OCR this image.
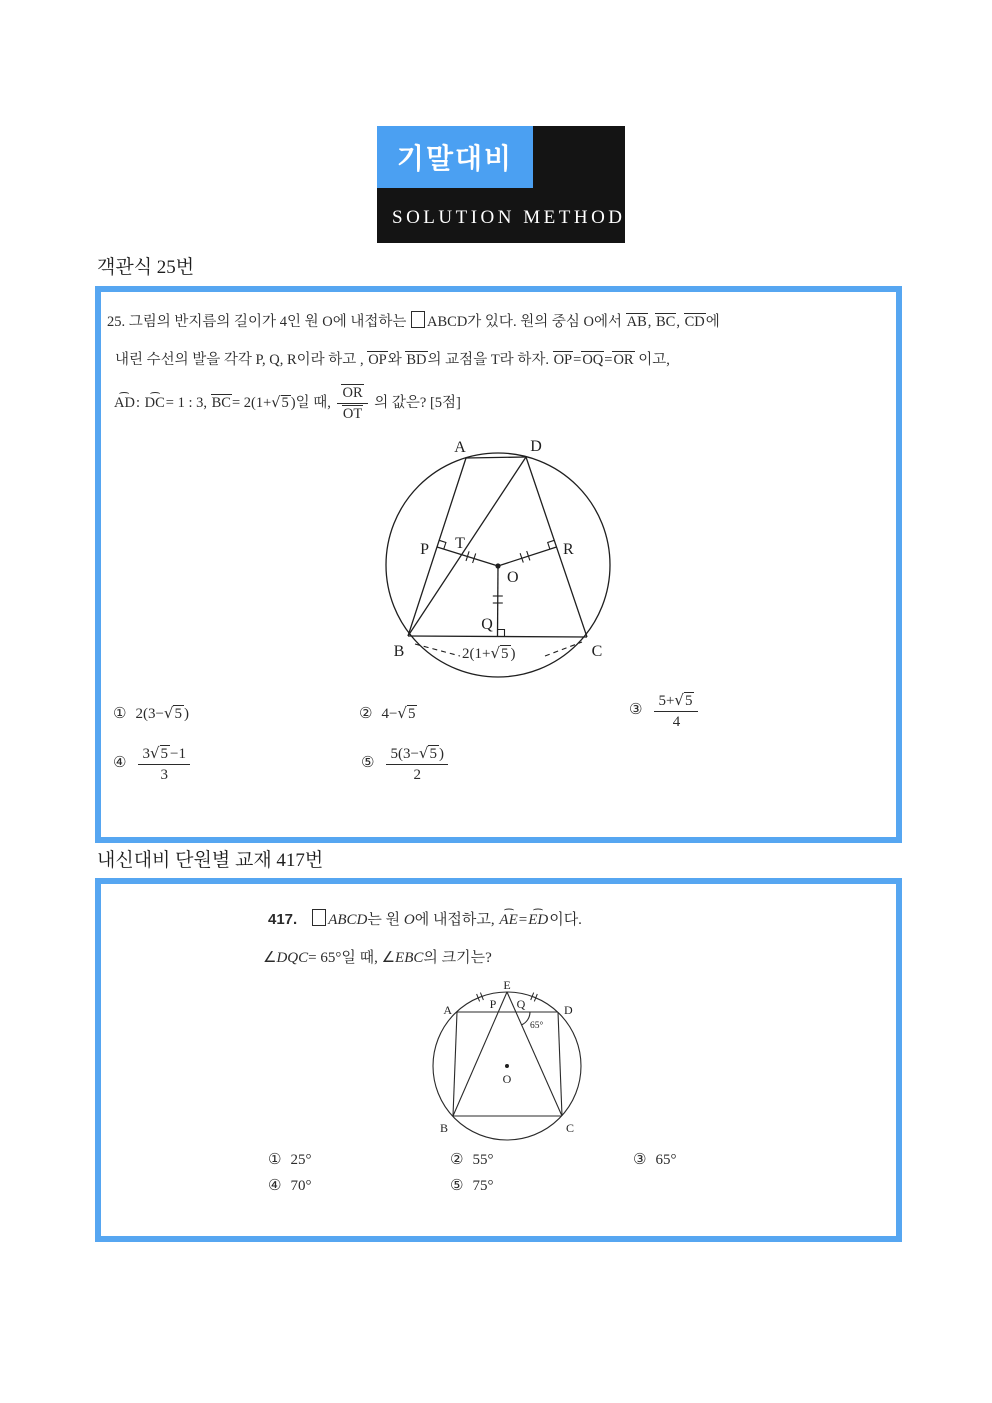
기말대비
SOLUTION METHOD
객관식 25번
내신대비 단원별 교재 417번
25. 그림의 반지름의 길이가 4인 원 O에 내접하는 ABCD가 있다. 원의 중심 O에서 AB, BC, CD에
내린 수선의 발을 각각 P, Q, R이라 하고 , OP와 BD의 교점을 T라 하자. OP=OQ=OR 이고,
⌢
AD:
⌢
DC= 1 : 3, BC= 2(1+√5 )일 때, $\frac{OR}{OT}$ 의 값은? [5점]
A	D
B	C
O
P T	R
Q
2(1+√5 )
① 2(3−√5 )	② 4−√5	③ $\frac{5+√5}{4}$
④ $\frac{3√5 -1}{3}$	⑤ $\frac{5(3-√5 )}{2}$
417. ABCD는 원 O에 내접하고,
⌢
AE=
⌢
ED이다.
∠DQC= 65°일 때, ∠EBC의 크기는?
E
A	D
P Q
O
B	C
65°
① 25°	② 55°	③ 65°
④ 70°	⑤ 75°
